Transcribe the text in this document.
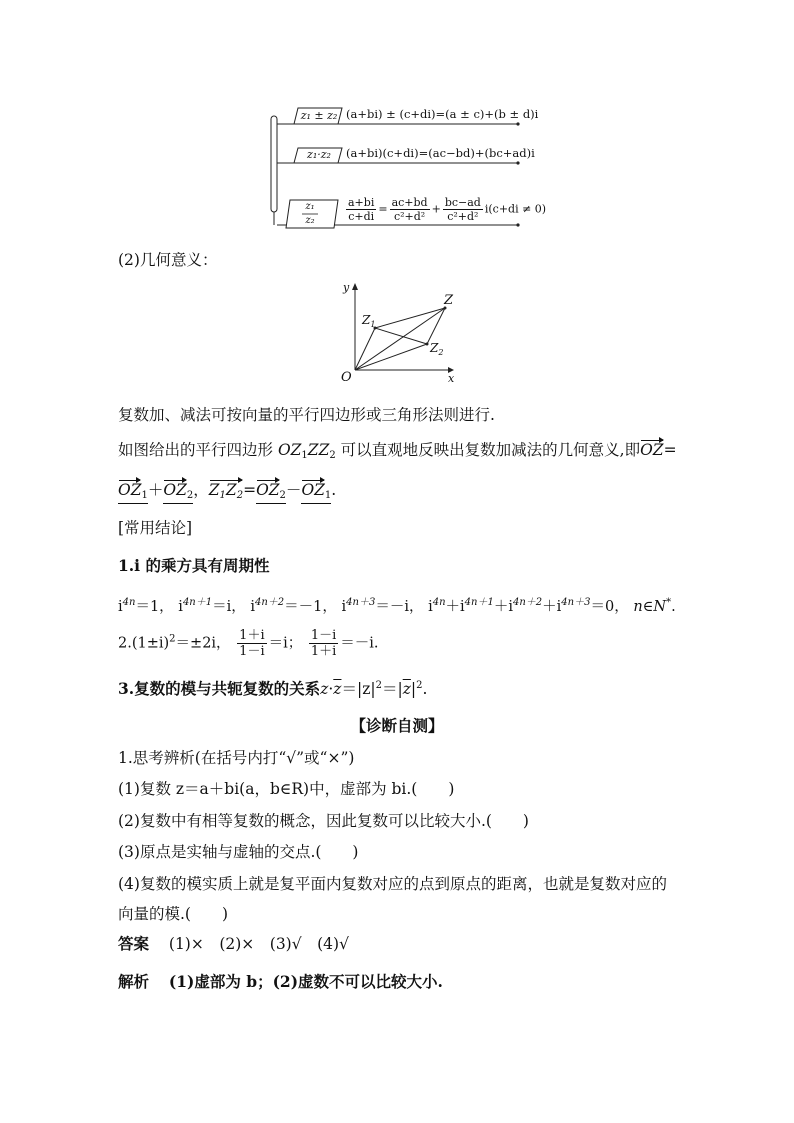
z₁ ± z₂ (a+bi) ± (c+di)=(a ± c)+(b ± d)i
z₁·z₂	(a+bi)(c+di)=(ac−bd)+(bc+ad)i
z₁
z₂	$\frac{a+bi}{c+di} = \frac{ac+bd}{\text{c²+d²}} + \frac{bc-ad}{\text{c²+d²}} i(c+di \ne 0)$
(2)几何意义：
y
x
O
Z
$Z_1$
$Z_2$
复数加、减法可按向量的平行四边形或三角形法则进行.
如图给出的平行四边形 $OZ_1ZZ_2$ 可以直观地反映出复数加减法的几何意义,即OZ=
$OZ_1+OZ_2$，$Z_1Z_2=OZ_2-OZ_1$.
[常用结论]
1.i 的乘方具有周期性
$i^{4n}=1$， $i^{4n+1}=i$， $i^{4n+2}=-1$， $i^{4n+3}=-i$， $i^{4n}+i^{4n+1}+i^{4n+2}+i^{4n+3}=0$， n∈N*.
$2.(1\pm i)^2=\pm 2i$， $\frac{1+i}{1-i} =i$； $\frac{1-i}{1+i} =-i$.
3.复数的模与共轭复数的关系$z\cdot\overline{z}=|z|^2=|\overline{z}|^2$.
【诊断自测】
1.思考辨析(在括号内打“√”或“×”)
(1)复数 z＝a＋bi(a，b∈R)中，虚部为 bi.(　　)
(2)复数中有相等复数的概念，因此复数可以比较大小.(　　)
(3)原点是实轴与虚轴的交点.(　　)
(4)复数的模实质上就是复平面内复数对应的点到原点的距离，也就是复数对应的
向量的模.(　　)
答案 (1)×　(2)×　(3)√　(4)√
解析 (1)虚部为 b；(2)虚数不可以比较大小.
